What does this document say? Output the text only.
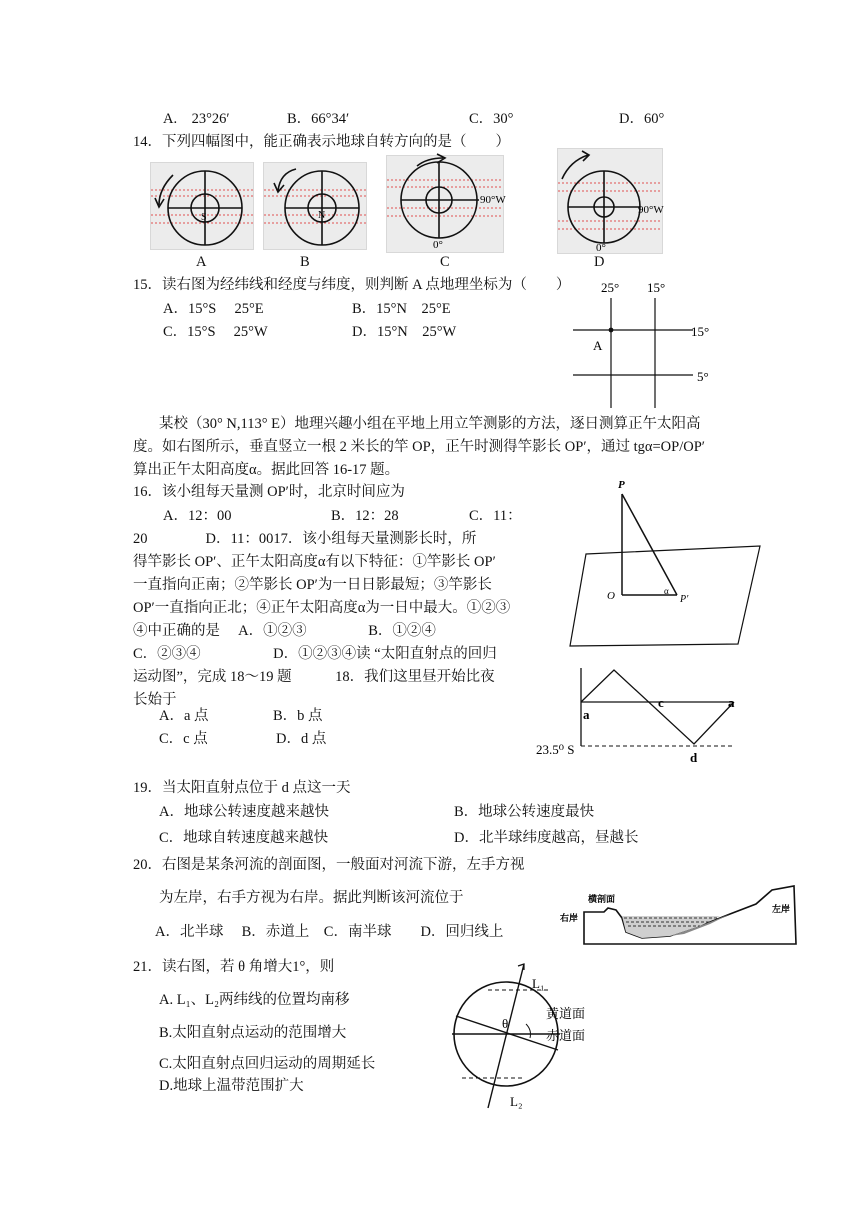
A.　23°26′	B．66°34′	C．30°	D．60°
14．下列四幅图中，能正确表示地球自转方向的是（　　）
S	N
90°W
0°
90°W
0°
A	B	C	D
15．读右图为经纬线和经度与纬度，则判断 A 点地理坐标为（　　）
A．15°S　 25°E	B．15°N　25°E
C．15°S　 25°W	D．15°N　25°W
25° 15°
15°
5°
A
某校（30° N,113° E）地理兴趣小组在平地上用立竿测影的方法，逐日测算正午太阳高
度。如右图所示，垂直竖立一根 2 米长的竿 OP，正午时测得竿影长 OP′，通过 tgα=OP/OP′
算出正午太阳高度α。据此回答 16-17 题。
16．该小组每天量测 OP′时，北京时间应为
A．12：00	B．12：28	C．11：
20　　　　D．11：0017．该小组每天量测影长时，所
得竿影长 OP′、正午太阳高度α有以下特征：①竿影长 OP′
一直指向正南；②竿影长 OP′为一日日影最短；③竿影长
OP′一直指向正北；④正午太阳高度α为一日中最大。①②③
④中正确的是　 A．①②③　　　　 B．①②④
C．②③④　　　　　D．①②③④读 “太阳直射点的回归
运动图”，完成 18～19 题　　　18．我们这里昼开始比夜
长始于
P
O	α
P′
A．a 点	B．b 点
C．c 点	D．d 点
a
c	a
23.5⁰ S
d
19．当太阳直射点位于 d 点这一天
A．地球公转速度越来越快	B．地球公转速度最快
C．地球自转速度越来越快	D．北半球纬度越高，昼越长
20．右图是某条河流的剖面图，一般面对河流下游，左手方视
为左岸，右手方视为右岸。据此判断该河流位于
A．北半球　 B．赤道上　C．南半球　　D．回归线上
横剖面
右岸
左岸
21．读右图，若 θ 角增大1°，则
A. L₁、L₂两纬线的位置均南移
B.太阳直射点运动的范围增大
C.太阳直射点回归运动的周期延长
D.地球上温带范围扩大
L₁
L₂
θ
黄道面
赤道面
